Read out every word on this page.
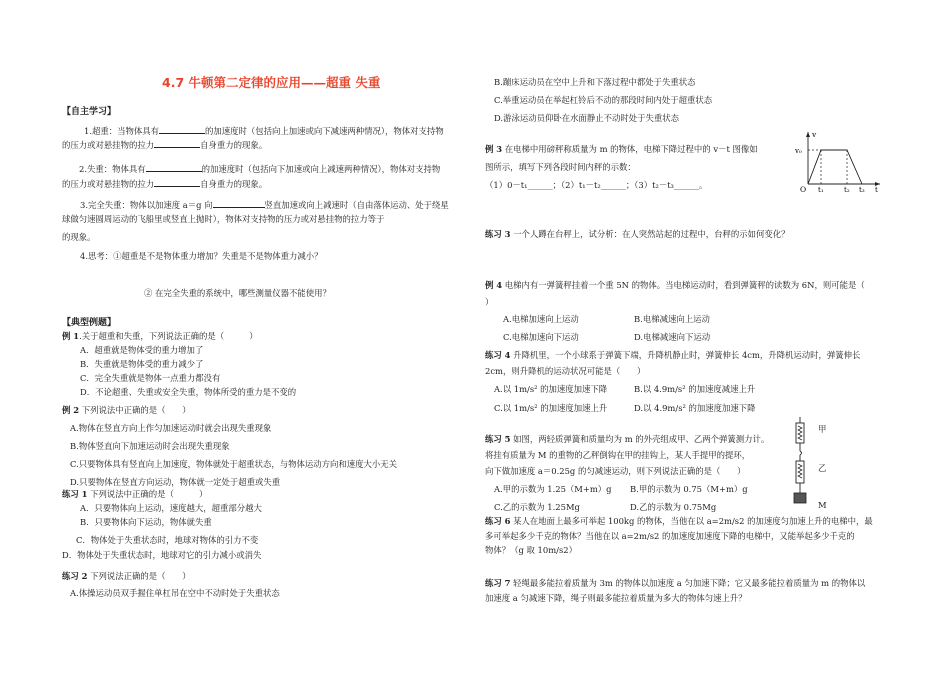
4.7 牛顿第二定律的应用——超重 失重
【自主学习】
1.超重：当物体具有	的加速度时（包括向上加速或向下减速两种情况），物体对支持物
的压力或对悬挂物的拉力	自身重力的现象。
2.失重：物体具有	的加速度时（包括向下加速或向上减速两种情况），物体对支持物
的压力或对悬挂物的拉力	自身重力的现象。
3.完全失重：物体以加速度 a＝g 向	竖直加速或向上减速时（自由落体运动、处于绕星
球做匀速圆周运动的飞船里或竖直上抛时），物体对支持物的压力或对悬挂物的拉力等于
的现象。
4.思考：①超重是不是物体重力增加？失重是不是物体重力减小？
② 在完全失重的系统中，哪些测量仪器不能使用？
【典型例题】
例 1.关于超重和失重，下列说法正确的是（　　　）
A．超重就是物体受的重力增加了
B．失重就是物体受的重力减少了
C．完全失重就是物体一点重力都没有
D．不论超重、失重或安全失重，物体所受的重力是不变的
例 2 下列说法中正确的是（　　）
A.物体在竖直方向上作匀加速运动时就会出现失重现象
B.物体竖直向下加速运动时会出现失重现象
C.只要物体具有竖直向上加速度，物体就处于超重状态，与物体运动方向和速度大小无关
D.只要物体在竖直方向运动，物体就一定处于超重或失重
练习 1 下列说法中正确的是（　　　）
A．只要物体向上运动，速度越大，超重部分越大
B．只要物体向下运动，物体就失重
C．物体处于失重状态时，地球对物体的引力不变
D．物体处于失重状态时，地球对它的引力减小或消失
练习 2 下列说法正确的是（　　）
A.体操运动员双手握住单杠吊在空中不动时处于失重状态
B.蹦床运动员在空中上升和下落过程中都处于失重状态
C.举重运动员在举起杠铃后不动的那段时间内处于超重状态
D.游泳运动员仰卧在水面静止不动时处于失重状态
例 3 在电梯中用磅秤称质量为 m 的物体，电梯下降过程中的 v－t 图像如
图所示，填写下列各段时间内秤的示数：
（1）0－t₁______；（2）t₁－t₂______；（3）t₂－t₃______。
v
v₀
O t₁	t₂ t₃ t
练习 3 一个人蹲在台秤上，试分析：在人突然站起的过程中，台秤的示如何变化？
例 4 电梯内有一弹簧秤挂着一个重 5N 的物体。当电梯运动时，看到弹簧秤的读数为 6N，则可能是（
）
A.电梯加速向上运动	B.电梯减速向上运动
C.电梯加速向下运动	D.电梯减速向下运动
练习 4 升降机里，一个小球系于弹簧下端，升降机静止时，弹簧伸长 4cm，升降机运动时，弹簧伸长
2cm，则升降机的运动状况可能是（　　）
A.以 1m/s² 的加速度加速下降	B.以 4.9m/s² 的加速度减速上升
C.以 1m/s² 的加速度加速上升	D.以 4.9m/s² 的加速度加速下降
练习 5 如图，两轻质弹簧和质量均为 m 的外壳组成甲、乙两个弹簧测力计。
将挂有质量为 M 的重物的乙秤倒钩在甲的挂钩上，某人手提甲的提环，
向下做加速度 a＝0.25g 的匀减速运动，则下列说法正确的是（　　）
A.甲的示数为 1.25（M+m）g B.甲的示数为 0.75（M+m）g
C.乙的示数为 1.25Mg	D.乙的示数为 0.75Mg
甲
乙
M
练习 6 某人在地面上最多可举起 100kg 的物体，当他在以 a=2m/s2 的加速度匀加速上升的电梯中，最
多可举起多少千克的物体？当他在以 a=2m/s2 的加速度加速度下降的电梯中，又能举起多少千克的
物体？（g 取 10m/s2）
练习 7 轻绳最多能拉着质量为 3m 的物体以加速度 a 匀加速下降；它又最多能拉着质量为 m 的物体以
加速度 a 匀减速下降，绳子则最多能拉着质量为多大的物体匀速上升？
